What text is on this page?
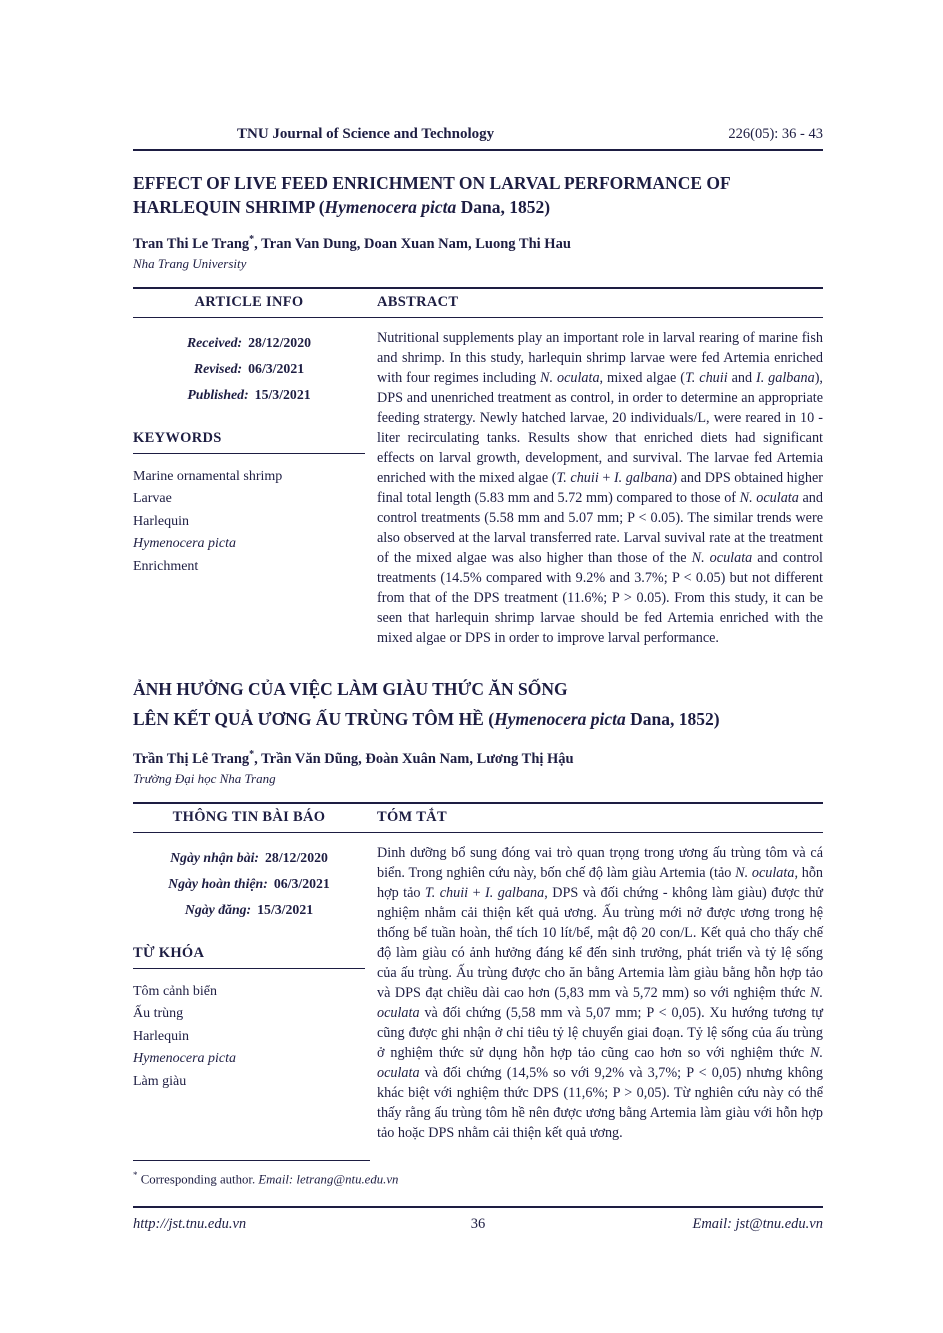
TNU Journal of Science and Technology	226(05): 36 - 43
EFFECT OF LIVE FEED ENRICHMENT ON LARVAL PERFORMANCE OF
HARLEQUIN SHRIMP (Hymenocera picta Dana, 1852)

Tran Thi Le Trang*, Tran Van Dung, Doan Xuan Nam, Luong Thi Hau

Nha Trang University

ARTICLE INFO	ABSTRACT
Received: 28/12/2020
Revised: 06/3/2021
Published: 15/3/2021
KEYWORDS
Marine ornamental shrimp
Larvae
Harlequin
Hymenocera picta
Enrichment
Nutritional supplements play an important role in larval rearing of marine fish and shrimp. In this study, harlequin shrimp larvae were fed Artemia enriched with four regimes including N. oculata, mixed algae (T. chuii and I. galbana), DPS and unenriched treatment as control, in order to determine an appropriate feeding stratergy. Newly hatched larvae, 20 individuals/L, were reared in 10 - liter recirculating tanks. Results show that enriched diets had significant effects on larval growth, development, and survival. The larvae fed Artemia enriched with the mixed algae (T. chuii + I. galbana) and DPS obtained higher final total length (5.83 mm and 5.72 mm) compared to those of N. oculata and control treatments (5.58 mm and 5.07 mm; P < 0.05). The similar trends were also observed at the larval transferred rate. Larval suvival rate at the treatment of the mixed algae was also higher than those of the N. oculata and control treatments (14.5% compared with 9.2% and 3.7%; P < 0.05) but not different from that of the DPS treatment (11.6%; P > 0.05). From this study, it can be seen that harlequin shrimp larvae should be fed Artemia enriched with the mixed algae or DPS in order to improve larval performance.
ẢNH HƯỞNG CỦA VIỆC LÀM GIÀU THỨC ĂN SỐNG
LÊN KẾT QUẢ ƯƠNG ẤU TRÙNG TÔM HỀ (Hymenocera picta Dana, 1852)

Trần Thị Lê Trang*, Trần Văn Dũng, Đoàn Xuân Nam, Lương Thị Hậu

Trường Đại học Nha Trang

THÔNG TIN BÀI BÁO	TÓM TẮT
Ngày nhận bài: 28/12/2020
Ngày hoàn thiện: 06/3/2021
Ngày đăng: 15/3/2021
TỪ KHÓA
Tôm cảnh biển
Ấu trùng
Harlequin
Hymenocera picta
Làm giàu
Dinh dưỡng bổ sung đóng vai trò quan trọng trong ương ấu trùng tôm và cá biển. Trong nghiên cứu này, bốn chế độ làm giàu Artemia (tảo N. oculata, hỗn hợp tảo T. chuii + I. galbana, DPS và đối chứng - không làm giàu) được thử nghiệm nhằm cải thiện kết quả ương. Ấu trùng mới nở được ương trong hệ thống bể tuần hoàn, thể tích 10 lít/bể, mật độ 20 con/L. Kết quả cho thấy chế độ làm giàu có ảnh hưởng đáng kể đến sinh trưởng, phát triển và tỷ lệ sống của ấu trùng. Ấu trùng được cho ăn bằng Artemia làm giàu bằng hỗn hợp tảo và DPS đạt chiều dài cao hơn (5,83 mm và 5,72 mm) so với nghiệm thức N. oculata và đối chứng (5,58 mm và 5,07 mm; P < 0,05). Xu hướng tương tự cũng được ghi nhận ở chỉ tiêu tỷ lệ chuyển giai đoạn. Tỷ lệ sống của ấu trùng ở nghiệm thức sử dụng hỗn hợp tảo cũng cao hơn so với nghiệm thức N. oculata và đối chứng (14,5% so với 9,2% và 3,7%; P < 0,05) nhưng không khác biệt với nghiệm thức DPS (11,6%; P > 0,05). Từ nghiên cứu này có thể thấy rằng ấu trùng tôm hề nên được ương bằng Artemia làm giàu với hỗn hợp tảo hoặc DPS nhằm cải thiện kết quả ương.
* Corresponding author. Email: letrang@ntu.edu.vn
http://jst.tnu.edu.vn	36	Email: jst@tnu.edu.vn
